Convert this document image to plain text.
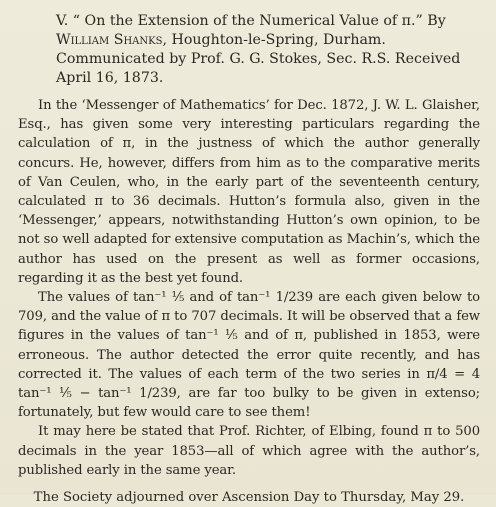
V. “ On the Extension of the Numerical Value of π.” By William Shanks, Houghton-le-Spring, Durham. Communicated by Prof. G. G. Stokes, Sec. R.S. Received April 16, 1873.

In the ‘Messenger of Mathematics’ for Dec. 1872, J. W. L. Glaisher, Esq., has given some very interesting particulars regarding the calculation of π, in the justness of which the author generally concurs. He, however, differs from him as to the comparative merits of Van Ceulen, who, in the early part of the seventeenth century, calculated π to 36 decimals. Hutton’s formula also, given in the ‘Messenger,’ appears, notwithstanding Hutton’s own opinion, to be not so well adapted for extensive computation as Machin’s, which the author has used on the present as well as former occasions, regarding it as the best yet found.

The values of tan⁻¹ ⅕ and of tan⁻¹ 1/239 are each given below to 709, and the value of π to 707 decimals. It will be observed that a few figures in the values of tan⁻¹ ⅕ and of π, published in 1853, were erroneous. The author detected the error quite recently, and has corrected it. The values of each term of the two series in π/4 = 4 tan⁻¹ ⅕ − tan⁻¹ 1/239, are far too bulky to be given in extenso; fortunately, but few would care to see them!

It may here be stated that Prof. Richter, of Elbing, found π to 500 decimals in the year 1853—all of which agree with the author’s, published early in the same year.

The Society adjourned over Ascension Day to Thursday, May 29.
